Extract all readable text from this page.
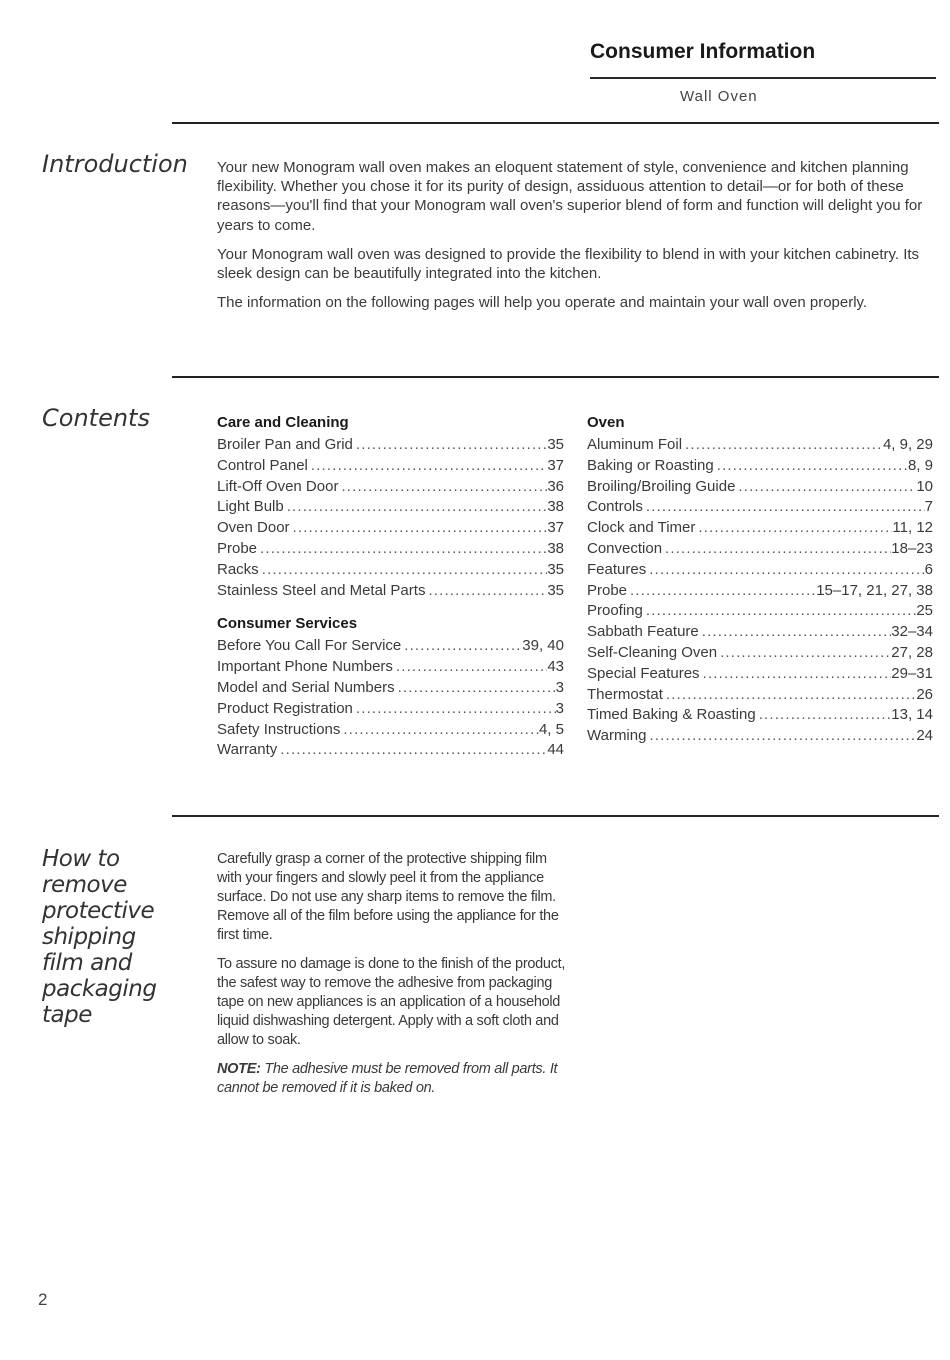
Consumer Information
Wall Oven
Introduction Your new Monogram wall oven makes an eloquent statement of style, convenience and kitchen planning flexibility. Whether you chose it for its purity of design, assiduous attention to detail—or for both of these reasons—you'll find that your Monogram wall oven's superior blend of form and function will delight you for years to come.

Your Monogram wall oven was designed to provide the flexibility to blend in with your kitchen cabinetry. Its sleek design can be beautifully integrated into the kitchen.

The information on the following pages will help you operate and maintain your wall oven properly.

Contents	Care and Cleaning
Broiler Pan and Grid . . .	35
Control Panel . . .	37
Lift-Off Oven Door . . .	36
Light Bulb . . .	38
Oven Door . . .	37
Probe . . .	38
Racks . . .	35
Stainless Steel and Metal Parts . . .	35
Consumer Services
Before You Call For Service . . .	39, 40
Important Phone Numbers . . .	43
Model and Serial Numbers . . .	3
Product Registration . . .	3
Safety Instructions . . .	4, 5
Warranty . . .	44
Oven
Aluminum Foil . . .	4, 9, 29
Baking or Roasting . . .	8, 9
Broiling/Broiling Guide . . .	10
Controls . . .	7
Clock and Timer . . .	11, 12
Convection . . .	18–23
Features . . .	6
Probe . . .	15–17, 21, 27, 38
Proofing . . .	25
Sabbath Feature . . .	32–34
Self-Cleaning Oven . . .	27, 28
Special Features . . .	29–31
Thermostat . . .	26
Timed Baking & Roasting . . .	13, 14
Warming . . .	24
How to remove protective shipping film and packaging tape

Carefully grasp a corner of the protective shipping film with your fingers and slowly peel it from the appliance surface. Do not use any sharp items to remove the film. Remove all of the film before using the appliance for the first time.

To assure no damage is done to the finish of the product, the safest way to remove the adhesive from packaging tape on new appliances is an application of a household liquid dishwashing detergent. Apply with a soft cloth and allow to soak.

NOTE: The adhesive must be removed from all parts. It cannot be removed if it is baked on.

2
